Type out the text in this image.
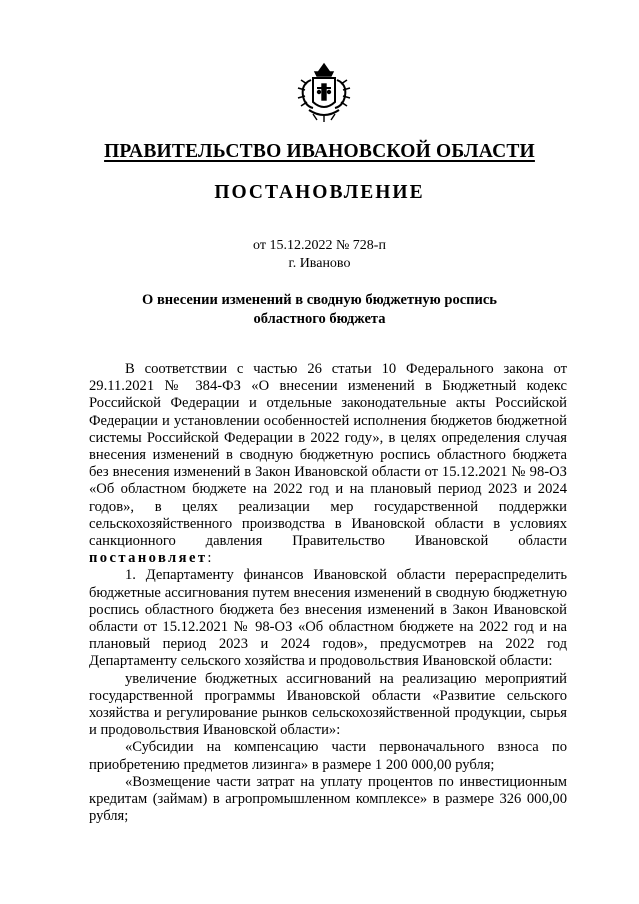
ПРАВИТЕЛЬСТВО ИВАНОВСКОЙ ОБЛАСТИ
ПОСТАНОВЛЕНИЕ
от 15.12.2022 № 728-п
г. Иваново
О внесении изменений в сводную бюджетную роспись
областного бюджета

В соответствии с частью 26 статьи 10 Федерального закона от 29.11.2021 № 384-ФЗ «О внесении изменений в Бюджетный кодекс Российской Федерации и отдельные законодательные акты Российской Федерации и установлении особенностей исполнения бюджетов бюджетной системы Российской Федерации в 2022 году», в целях определения случая внесения изменений в сводную бюджетную роспись областного бюджета без внесения изменений в Закон Ивановской области от 15.12.2021 № 98-ОЗ «Об областном бюджете на 2022 год и на плановый период 2023 и 2024 годов», в целях реализации мер государственной поддержки сельскохозяйственного производства в Ивановской области в условиях санкционного давления Правительство Ивановской области постановляет:

1. Департаменту финансов Ивановской области перераспределить бюджетные ассигнования путем внесения изменений в сводную бюджетную роспись областного бюджета без внесения изменений в Закон Ивановской области от 15.12.2021 № 98-ОЗ «Об областном бюджете на 2022 год и на плановый период 2023 и 2024 годов», предусмотрев на 2022 год Департаменту сельского хозяйства и продовольствия Ивановской области:

увеличение бюджетных ассигнований на реализацию мероприятий государственной программы Ивановской области «Развитие сельского хозяйства и регулирование рынков сельскохозяйственной продукции, сырья и продовольствия Ивановской области»:

«Субсидии на компенсацию части первоначального взноса по приобретению предметов лизинга» в размере 1 200 000,00 рубля;

«Возмещение части затрат на уплату процентов по инвестиционным кредитам (займам) в агропромышленном комплексе» в размере 326 000,00 рубля;
